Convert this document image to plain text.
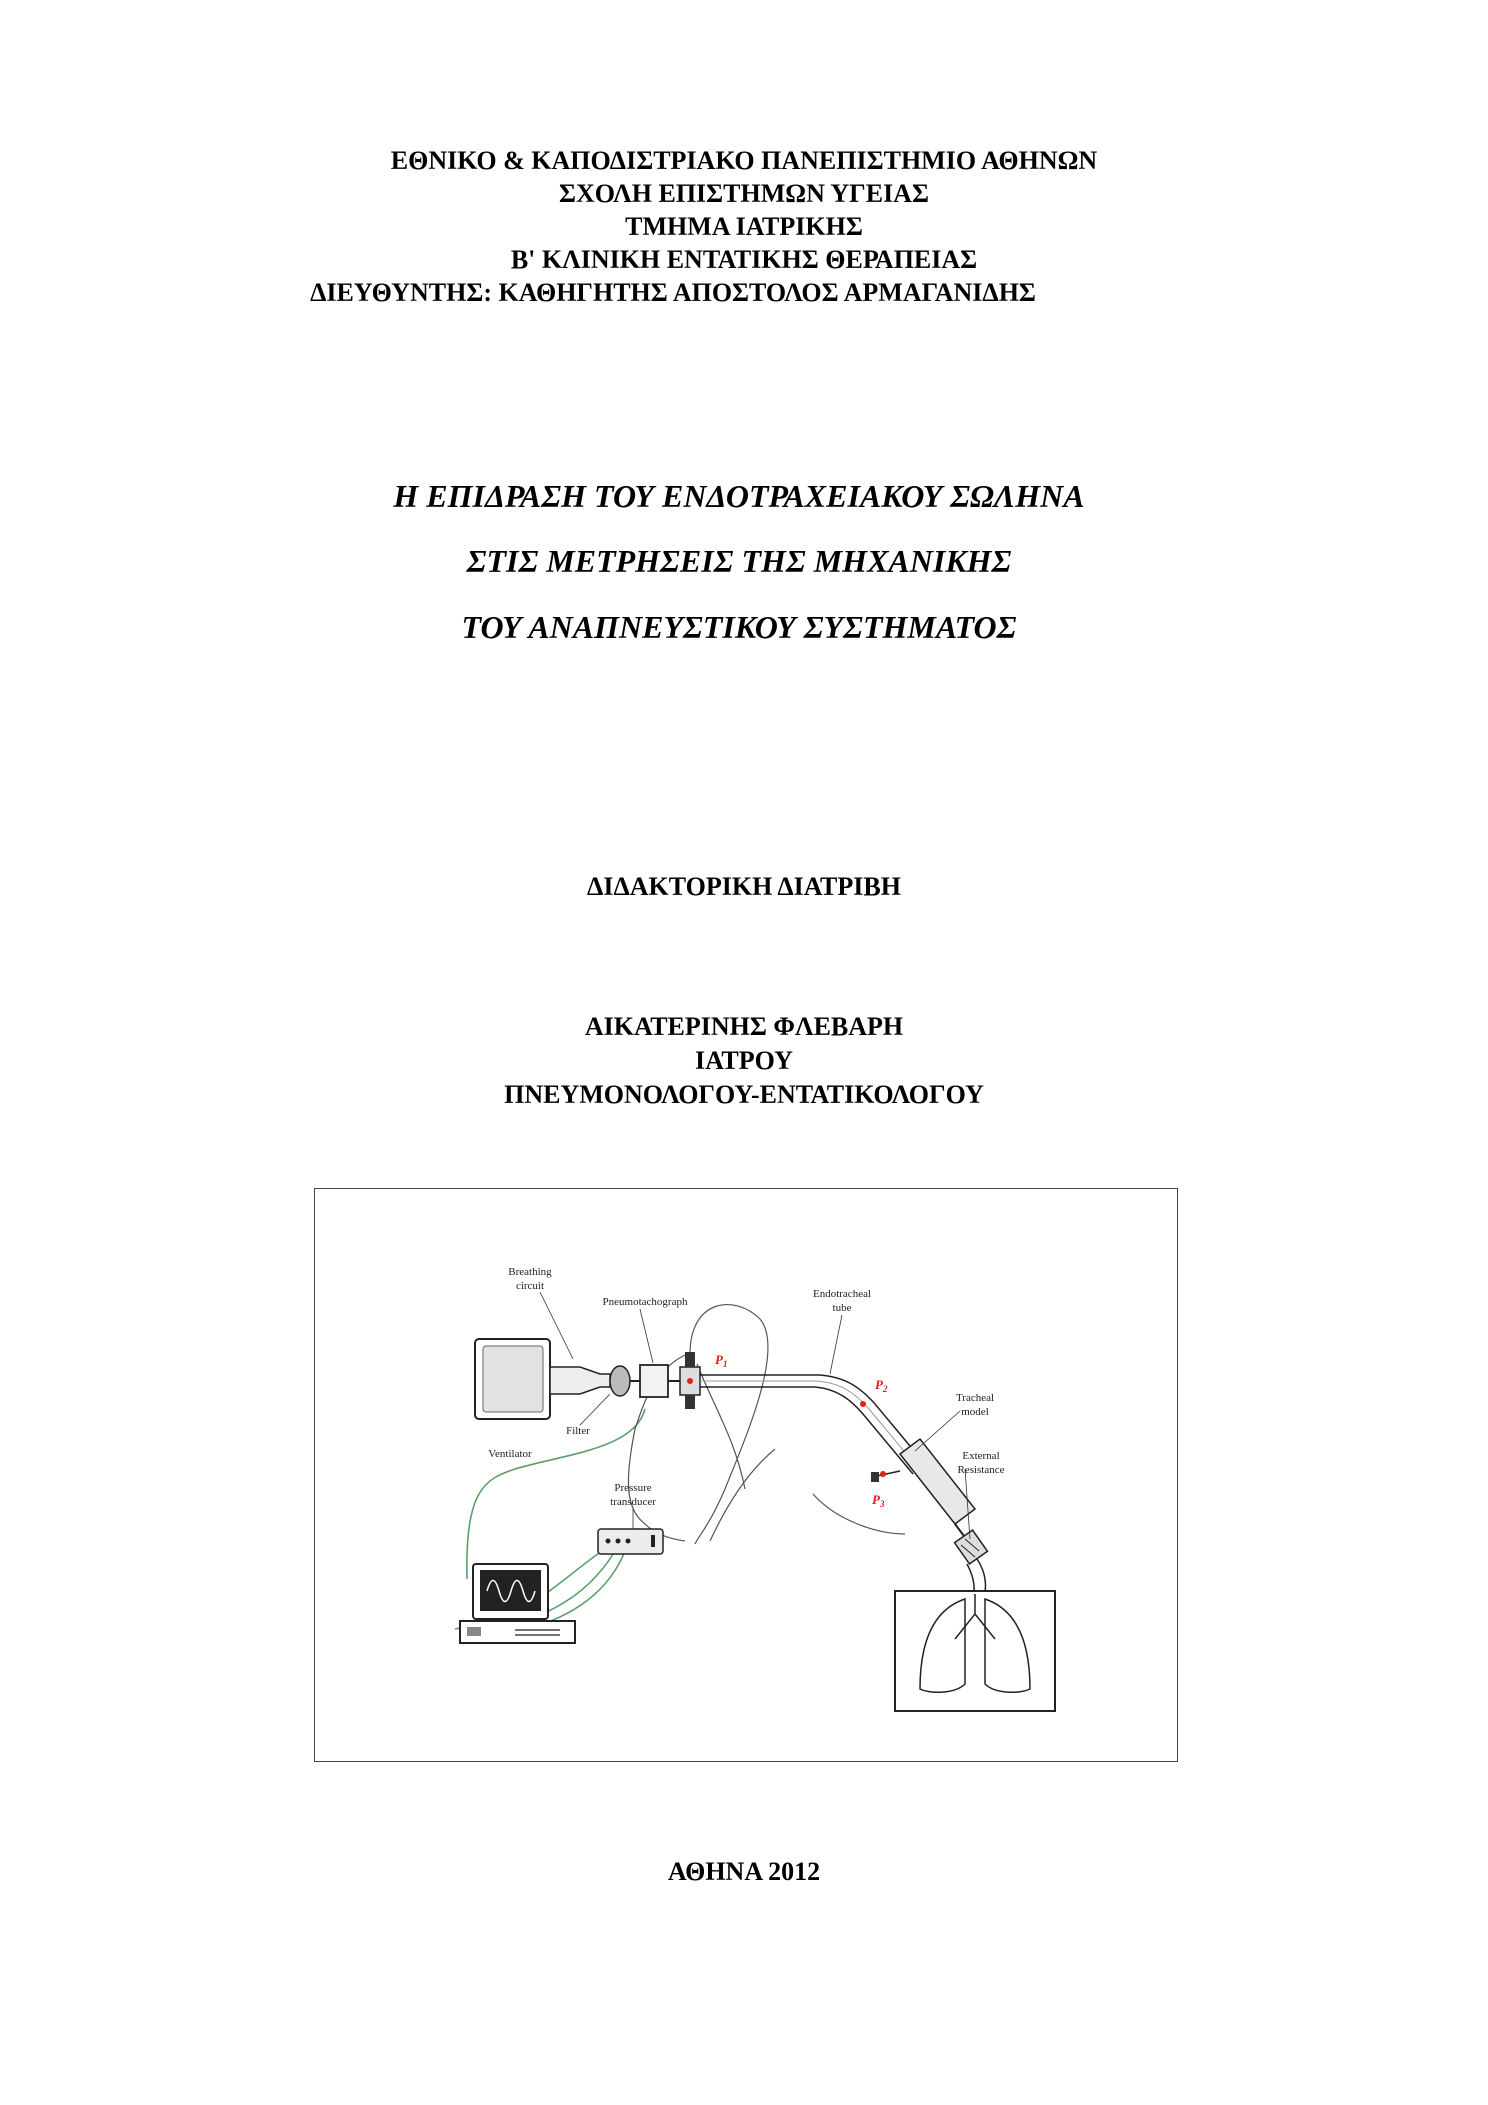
ΕΘΝΙΚΟ & ΚΑΠΟΔΙΣΤΡΙΑΚΟ ΠΑΝΕΠΙΣΤΗΜΙΟ ΑΘΗΝΩΝ
ΣΧΟΛΗ ΕΠΙΣΤΗΜΩΝ ΥΓΕΙΑΣ
ΤΜΗΜΑ ΙΑΤΡΙΚΗΣ
Β' ΚΛΙΝΙΚΗ ΕΝΤΑΤΙΚΗΣ ΘΕΡΑΠΕΙΑΣ
ΔΙΕΥΘΥΝΤΗΣ: ΚΑΘΗΓΗΤΗΣ ΑΠΟΣΤΟΛΟΣ ΑΡΜΑΓΑΝΙΔΗΣ
Η ΕΠΙΔΡΑΣΗ ΤΟΥ ΕΝΔΟΤΡΑΧΕΙΑΚΟΥ ΣΩΛΗΝΑ
ΣΤΙΣ ΜΕΤΡΗΣΕΙΣ ΤΗΣ ΜΗΧΑΝΙΚΗΣ
ΤΟΥ ΑΝΑΠΝΕΥΣΤΙΚΟΥ ΣΥΣΤΗΜΑΤΟΣ
ΔΙΔΑΚΤΟΡΙΚΗ ΔΙΑΤΡΙΒΗ
ΑΙΚΑΤΕΡΙΝΗΣ ΦΛΕΒΑΡΗ
ΙΑΤΡΟΥ
ΠΝΕΥΜΟΝΟΛΟΓΟΥ-ΕΝΤΑΤΙΚΟΛΟΓΟΥ
Breathing
circuit
Pneumotachograph
Endotracheal
tube
Ventilator
Filter
Tracheal
model
External
Resistance
Pressure
transducer
$P_1$
$P_2$
$P_3$
ΑΘΗΝΑ 2012
